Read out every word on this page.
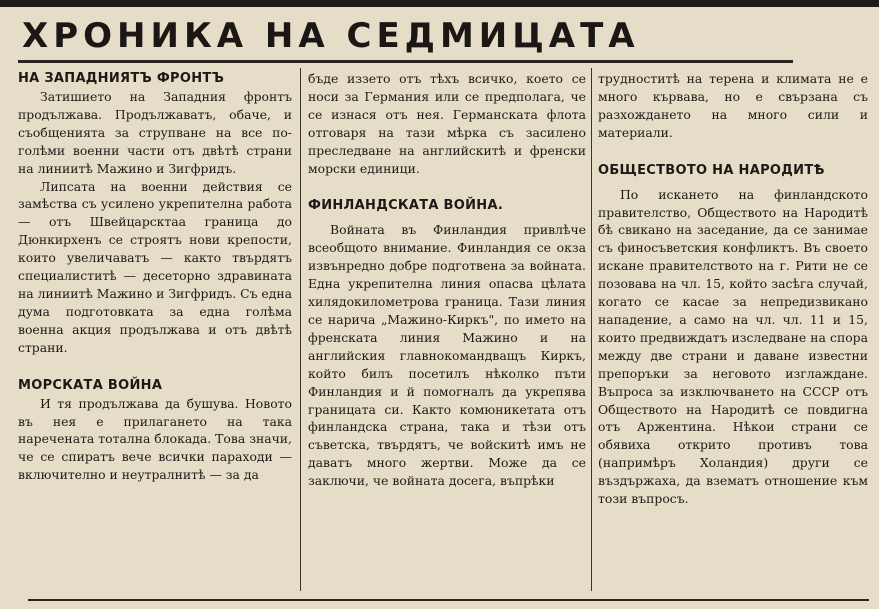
ХРОНИКА НА СЕДМИЦАТА
НА ЗАПАДНИЯТЪ ФРОНТЪ

Затишието на Западния фронтъ продължава. Продължаватъ, обаче, и съобщенията за струпване на все по-голѣми военни части отъ двѣтѣ страни на линиитѣ Мажино и Зигфридъ.

Липсата на военни действия се замѣства съ усилено укрепителна работа — отъ Швейцарсктаа граница до Дюнкирхенъ се строятъ нови крепости, които увеличаватъ — както твърдятъ специалиститѣ — десеторно здравината на линиитѣ Мажино и Зигфридъ. Съ една дума подготовката за една голѣма военна акция продължава и отъ двѣтѣ страни.

МОРСКАТА ВОЙНА

И тя продължава да бушува. Новото въ нея е прилагането на така наречената тотална блокада. Това значи, че се спиратъ вече всички параходи — включително и неутралнитѣ — за да

бъде иззето отъ тѣхъ всичко, което се носи за Германия или се предполага, че се изнася отъ нея. Германската флота отговаря на тази мѣрка съ засилено преследване на английскитѣ и френски морски единици.

ФИНЛАНДСКАТА ВОЙНА.

Войната въ Финландия привлѣче всеобщото внимание. Финландия се окза извънредно добре подготвена за войната. Една укрепителна линия опасва цѣлата хилядокилометрова граница. Тази линия се нарича „Мажино-Киркъ", по името на френската линия Мажино и на английския главнокомандващъ Киркъ, който билъ посетилъ нѣколко пъти Финландия и й помогналъ да укрепява границата си. Както комюникетата отъ финландска страна, така и тѣзи отъ съветска, твърдятъ, че войскитѣ имъ не даватъ много жертви. Може да се заключи, че войната досега, въпрѣки

трудноститѣ на терена и климата не е много кървава, но е свързана съ разхождането на много сили и материали.

ОБЩЕСТВОТО НА НАРОДИТѢ

По искането на финландското правителство, Обществото на Народитѣ бѣ свикано на заседание, да се занимае съ финосъветския конфликтъ. Въ своето искане правителството на г. Рити не се позовава на чл. 15, който засѣга случай, когато се касае за непредизвикано нападение, а само на чл. чл. 11 и 15, които предвиждатъ изследване на спора между две страни и даване известни препоръки за неговото изглаждане. Въпроса за изключването на СССР отъ Обществото на Народитѣ се повдигна отъ Аржентина. Нѣкои страни се обявиха открито противъ това (напримѣръ Холандия) други се въздържаха, да взематъ отношение към този въпросъ.
